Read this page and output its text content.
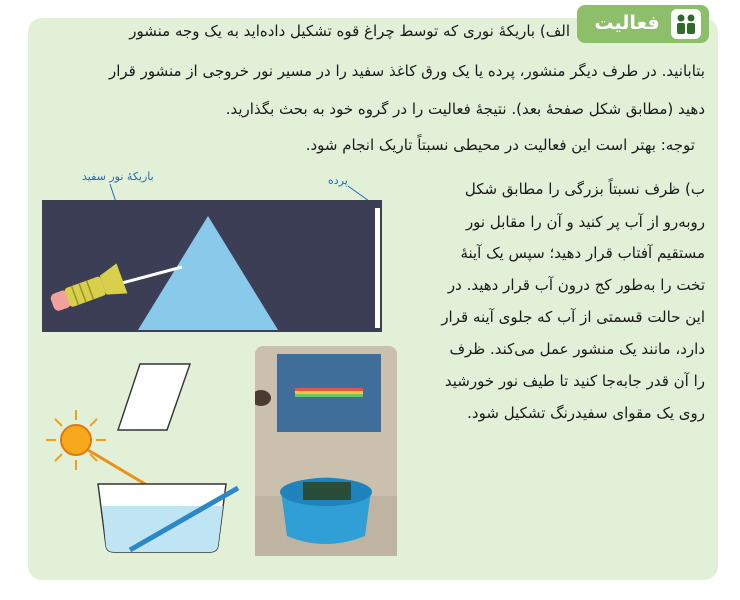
فعالیت
الف) باریکهٔ نوری که توسط چراغ قوه تشکیل داده‌اید به یک وجه منشور
بتابانید. در طرف دیگر منشور، پرده یا یک ورق کاغذ سفید را در مسیر نور خروجی از منشور قرار
دهید (مطابق شکل صفحهٔ بعد). نتیجهٔ فعالیت را در گروه خود به بحث بگذارید.
توجه: بهتر است این فعالیت در محیطی نسبتاً تاریک انجام شود.
باریکهٔ نور سفید	پرده	ب) ظرف نسبتاً بزرگی را مطابق شکل
روبه‌رو از آب پر کنید و آن را مقابل نور
مستقیم آفتاب قرار دهید؛ سپس یک آینهٔ
تخت را به‌طور کج درون آب قرار دهید. در
این حالت قسمتی از آب که جلوی آینه قرار
دارد، مانند یک منشور عمل می‌کند. ظرف
را آن قدر جابه‌جا کنید تا طیف نور خورشید
روی یک مقوای سفیدرنگ تشکیل شود.
